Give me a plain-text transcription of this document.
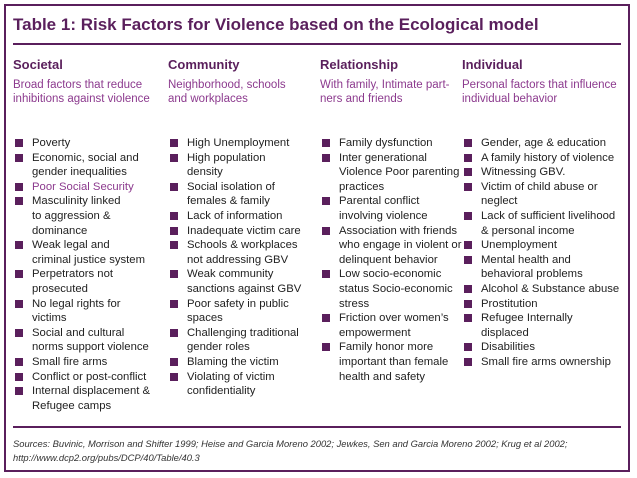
Table 1: Risk Factors for Violence based on the Ecological model
Societal
Broad factors that reduce
inhibitions against violence
Poverty
Economic, social and
gender inequalities
Poor Social Security
Masculinity linked
to aggression &
dominance
Weak legal and
criminal justice system
Perpetrators not
prosecuted
No legal rights for
victims
Social and cultural
norms support violence
Small fire arms
Conflict or post-conflict
Internal displacement &
Refugee camps
Community
Neighborhood, schools
and workplaces
High Unemployment
High population
density
Social isolation of
females & family
Lack of information
Inadequate victim care
Schools & workplaces
not addressing GBV
Weak community
sanctions against GBV
Poor safety in public
spaces
Challenging traditional
gender roles
Blaming the victim
Violating of victim
confidentiality
Relationship
With family, Intimate part-
ners and friends
Family dysfunction
Inter generational
Violence Poor parenting
practices
Parental conflict
involving violence
Association with friends
who engage in violent or
delinquent behavior
Low socio-economic
status Socio-economic
stress
Friction over women’s
empowerment
Family honor more
important than female
health and safety
Individual
Personal factors that influence
individual behavior
Gender, age & education
A family history of violence
Witnessing GBV.
Victim of child abuse or
neglect
Lack of sufficient livelihood
& personal income
Unemployment
Mental health and
behavioral problems
Alcohol & Substance abuse
Prostitution
Refugee Internally
displaced
Disabilities
Small fire arms ownership
Sources: Buvinic, Morrison and Shifter 1999; Heise and Garcia Moreno 2002; Jewkes, Sen and Garcia Moreno 2002; Krug et al 2002;
http://www.dcp2.org/pubs/DCP/40/Table/40.3
